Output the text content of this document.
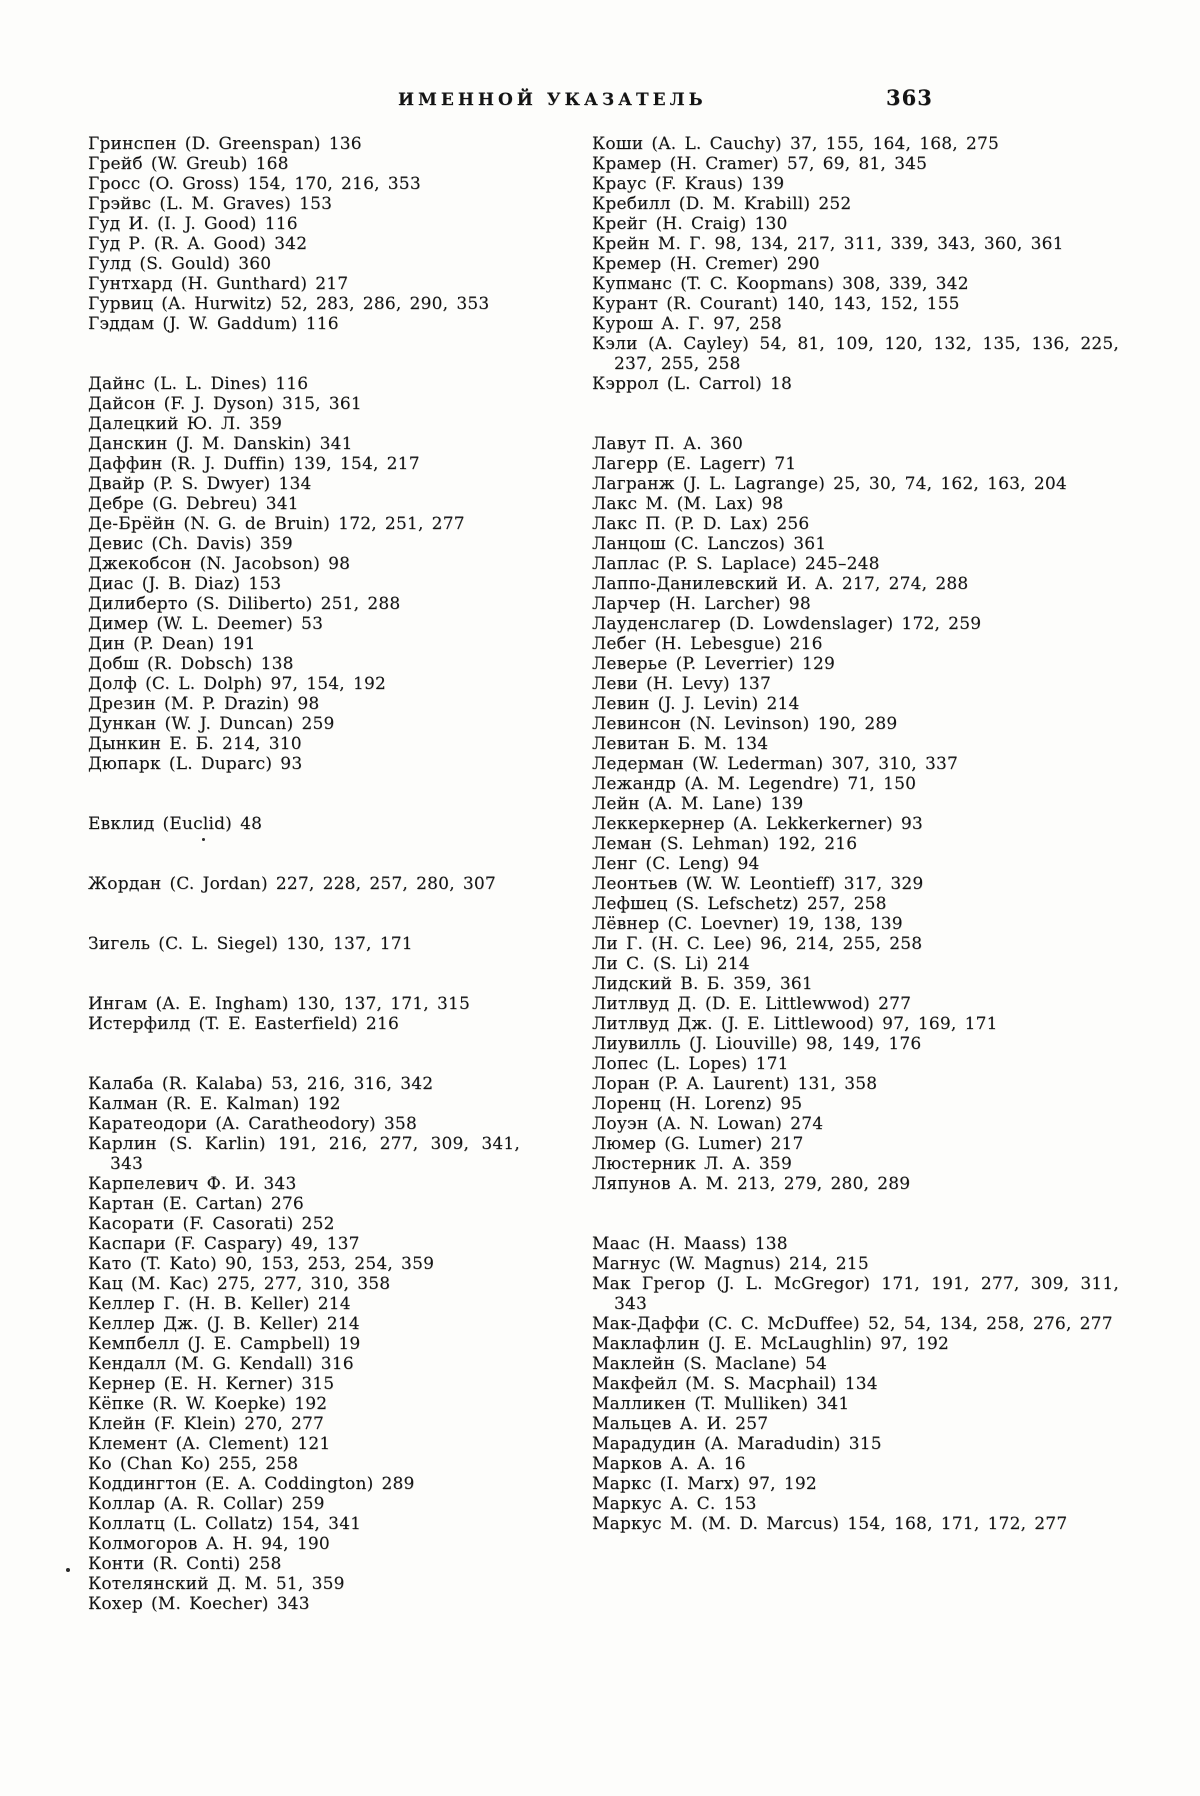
ИМЕННОЙ УКАЗАТЕЛЬ	363
Гринспен (D. Greenspan) 136
Грейб (W. Greub) 168
Гросс (O. Gross) 154, 170, 216, 353
Грэйвс (L. M. Graves) 153
Гуд И. (I. J. Good) 116
Гуд Р. (R. A. Good) 342
Гулд (S. Gould) 360
Гунтхард (H. Gunthard) 217
Гурвиц (A. Hurwitz) 52, 283, 286, 290, 353
Гэддам (J. W. Gaddum) 116
Дайнс (L. L. Dines) 116
Дайсон (F. J. Dyson) 315, 361
Далецкий Ю. Л. 359
Данскин (J. M. Danskin) 341
Даффин (R. J. Duffin) 139, 154, 217
Двайр (P. S. Dwyer) 134
Дебре (G. Debreu) 341
Де-Брёйн (N. G. de Bruin) 172, 251, 277
Девис (Ch. Davis) 359
Джекобсон (N. Jacobson) 98
Диас (J. B. Diaz) 153
Дилиберто (S. Diliberto) 251, 288
Димер (W. L. Deemer) 53
Дин (P. Dean) 191
Добш (R. Dobsch) 138
Долф (C. L. Dolph) 97, 154, 192
Дрезин (M. P. Drazin) 98
Дункан (W. J. Duncan) 259
Дынкин Е. Б. 214, 310
Дюпарк (L. Duparc) 93
Евклид (Euclid) 48
Жордан (C. Jordan) 227, 228, 257, 280, 307
Зигель (C. L. Siegel) 130, 137, 171
Ингам (A. E. Ingham) 130, 137, 171, 315
Истерфилд (T. E. Easterfield) 216
Калаба (R. Kalaba) 53, 216, 316, 342
Калман (R. E. Kalman) 192
Каратеодори (A. Caratheodory) 358
Карлин (S. Karlin) 191, 216, 277, 309, 341, 343
Карпелевич Ф. И. 343
Картан (E. Cartan) 276
Касорати (F. Casorati) 252
Каспари (F. Caspary) 49, 137
Като (T. Kato) 90, 153, 253, 254, 359
Кац (M. Kac) 275, 277, 310, 358
Келлер Г. (H. B. Keller) 214
Келлер Дж. (J. B. Keller) 214
Кемпбелл (J. E. Campbell) 19
Кендалл (M. G. Kendall) 316
Кернер (E. H. Kerner) 315
Кёпке (R. W. Koepke) 192
Клейн (F. Klein) 270, 277
Клемент (A. Clement) 121
Ко (Chan Ko) 255, 258
Коддингтон (E. A. Coddington) 289
Коллар (A. R. Collar) 259
Коллатц (L. Collatz) 154, 341
Колмогоров А. Н. 94, 190
Конти (R. Conti) 258
Котелянский Д. М. 51, 359
Кохер (M. Koecher) 343
Коши (A. L. Cauchy) 37, 155, 164, 168, 275
Крамер (H. Cramer) 57, 69, 81, 345
Краус (F. Kraus) 139
Кребилл (D. M. Krabill) 252
Крейг (H. Craig) 130
Крейн М. Г. 98, 134, 217, 311, 339, 343, 360, 361
Кремер (H. Cremer) 290
Купманс (T. C. Koopmans) 308, 339, 342
Курант (R. Courant) 140, 143, 152, 155
Курош А. Г. 97, 258
Кэли (A. Cayley) 54, 81, 109, 120, 132, 135, 136, 225, 237, 255, 258
Кэррол (L. Carrol) 18
Лавут П. А. 360
Лагерр (E. Lagerr) 71
Лагранж (J. L. Lagrange) 25, 30, 74, 162, 163, 204
Лакс М. (M. Lax) 98
Лакс П. (P. D. Lax) 256
Ланцош (C. Lanczos) 361
Лаплас (P. S. Laplace) 245–248
Лаппо-Данилевский И. А. 217, 274, 288
Ларчер (H. Larcher) 98
Лауденслагер (D. Lowdenslager) 172, 259
Лебег (H. Lebesgue) 216
Леверье (P. Leverrier) 129
Леви (H. Levy) 137
Левин (J. J. Levin) 214
Левинсон (N. Levinson) 190, 289
Левитан Б. М. 134
Ледерман (W. Lederman) 307, 310, 337
Лежандр (A. M. Legendre) 71, 150
Лейн (A. M. Lane) 139
Леккеркернер (A. Lekkerkerner) 93
Леман (S. Lehman) 192, 216
Ленг (C. Leng) 94
Леонтьев (W. W. Leontieff) 317, 329
Лефшец (S. Lefschetz) 257, 258
Лёвнер (C. Loevner) 19, 138, 139
Ли Г. (H. C. Lee) 96, 214, 255, 258
Ли С. (S. Li) 214
Лидский В. Б. 359, 361
Литлвуд Д. (D. E. Littlewwod) 277
Литлвуд Дж. (J. E. Littlewood) 97, 169, 171
Лиувилль (J. Liouville) 98, 149, 176
Лопес (L. Lopes) 171
Лоран (P. A. Laurent) 131, 358
Лоренц (H. Lorenz) 95
Лоуэн (A. N. Lowan) 274
Люмер (G. Lumer) 217
Люстерник Л. А. 359
Ляпунов А. М. 213, 279, 280, 289
Маас (H. Maass) 138
Магнус (W. Magnus) 214, 215
Мак Грегор (J. L. McGregor) 171, 191, 277, 309, 311, 343
Мак-Даффи (C. C. McDuffee) 52, 54, 134, 258, 276, 277
Маклафлин (J. E. McLaughlin) 97, 192
Маклейн (S. Maclane) 54
Макфейл (M. S. Macphail) 134
Малликен (T. Mulliken) 341
Мальцев А. И. 257
Марадудин (A. Maradudin) 315
Марков А. А. 16
Маркс (I. Marx) 97, 192
Маркус А. С. 153
Маркус М. (M. D. Marcus) 154, 168, 171, 172, 277
